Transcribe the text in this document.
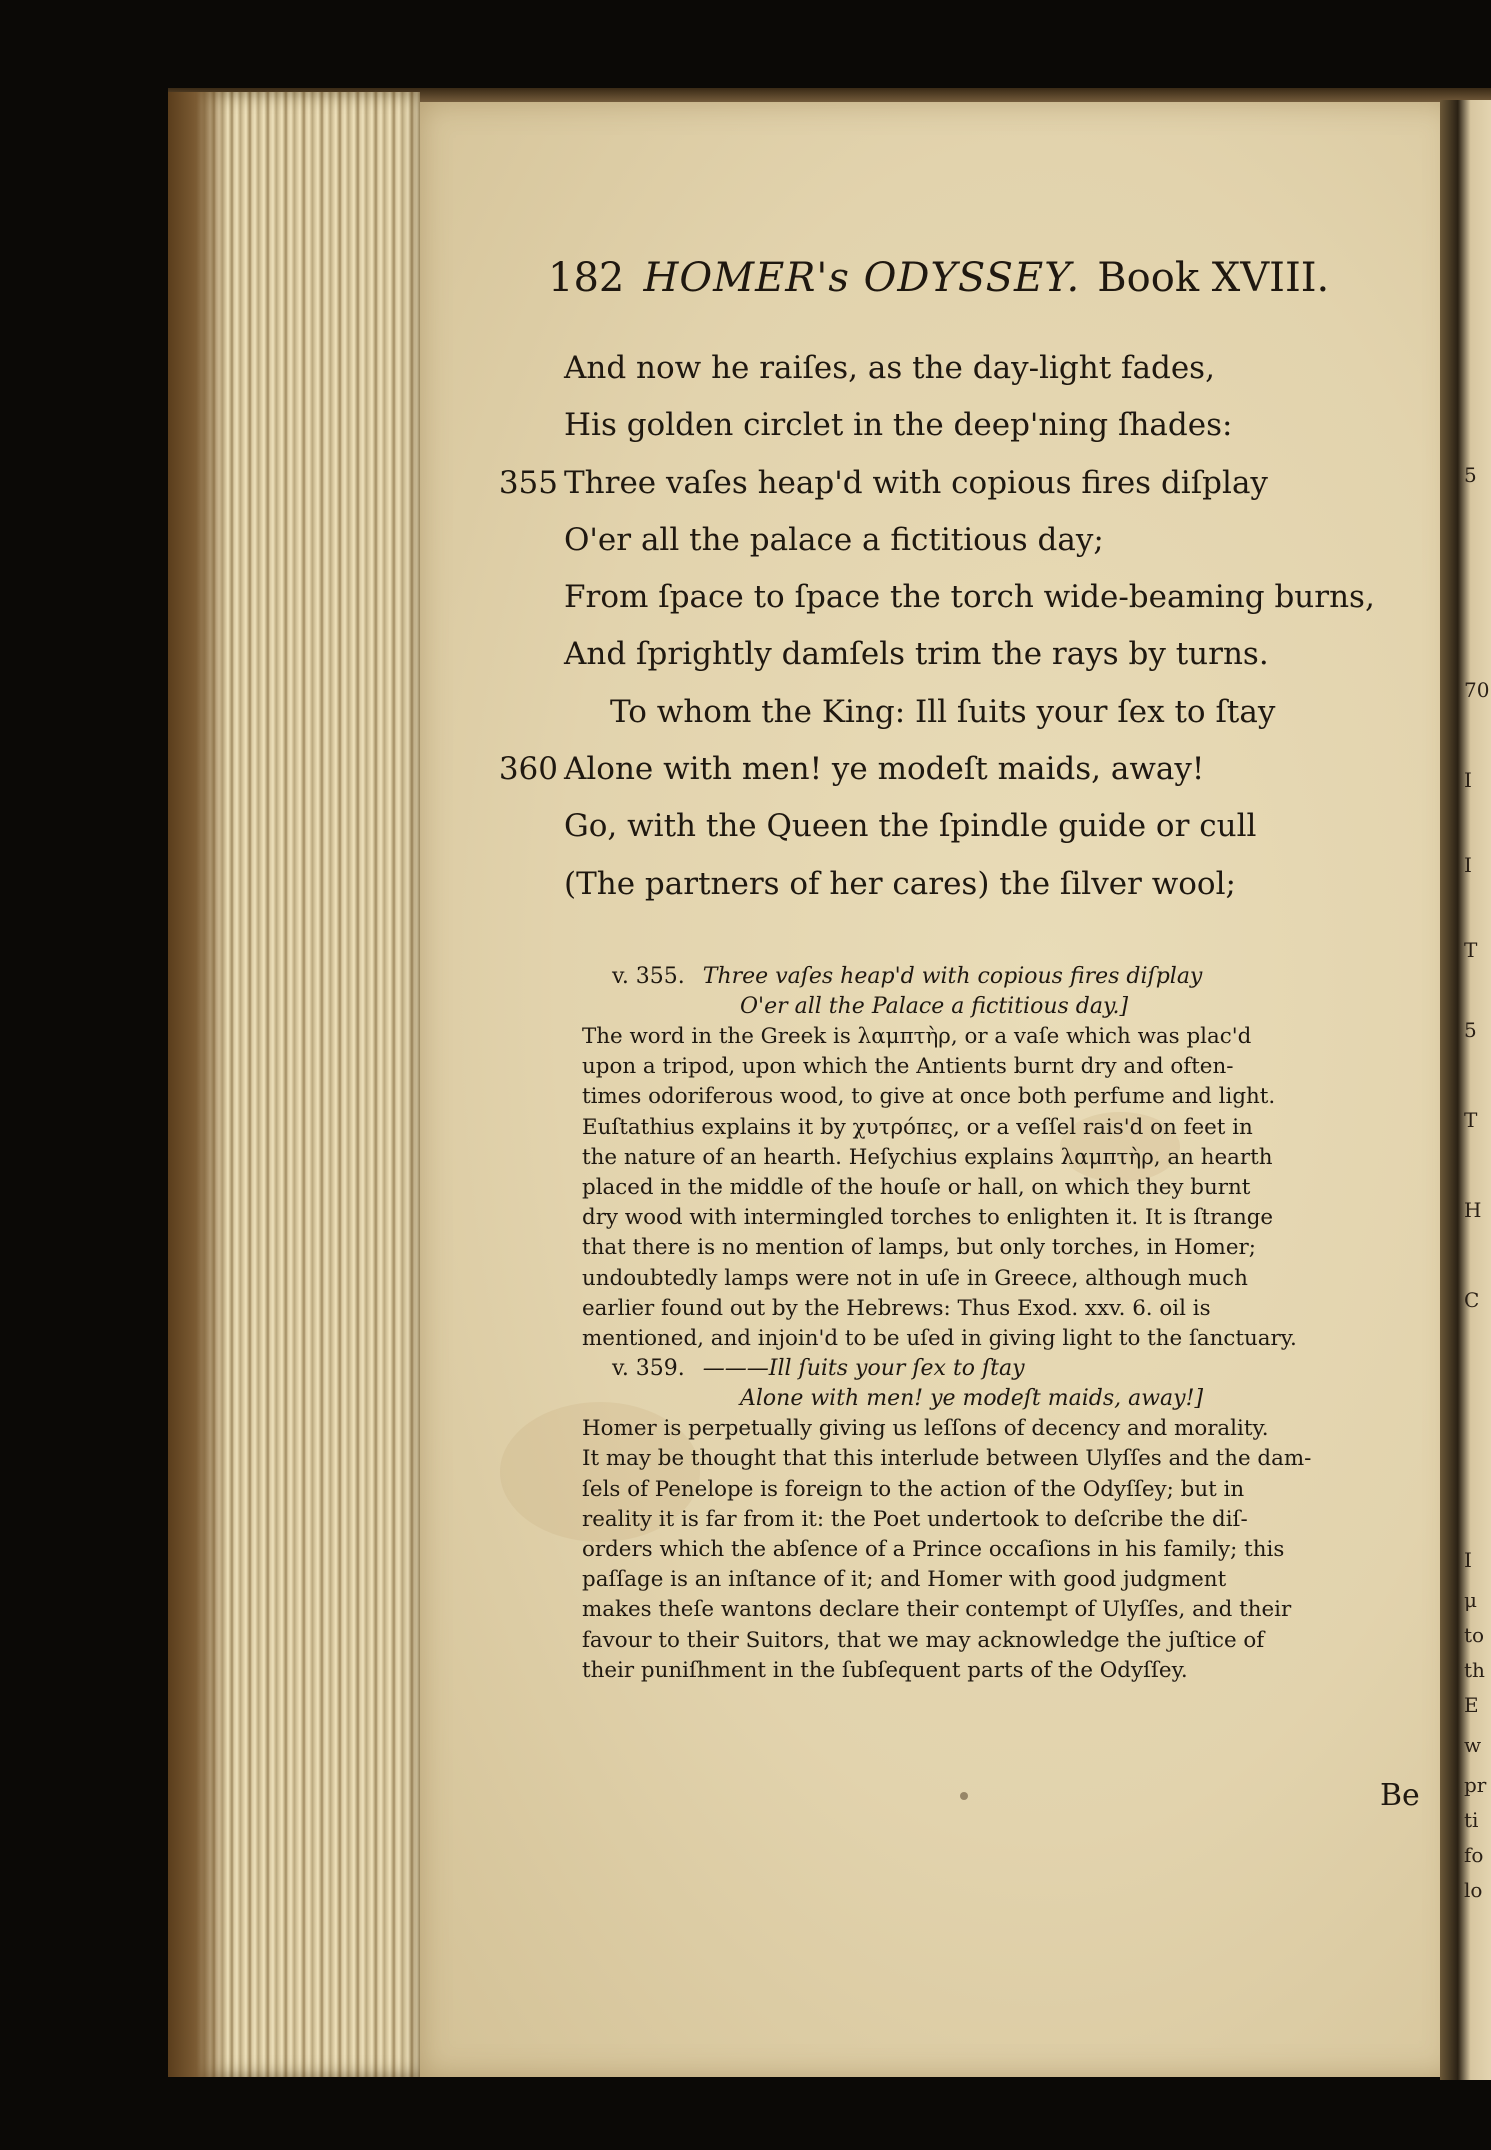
5
70
I
I
T
5
T
H
C
I
μ
to
th
E
w
pr
ti
fo
lo
182 HOMER's ODYSSEY. Book XVIII.
And now he raiſes, as the day-light fades,
His golden circlet in the deep'ning ſhades:
355 Three vaſes heap'd with copious fires diſplay
O'er all the palace a fictitious day;
From ſpace to ſpace the torch wide-beaming burns,
And ſprightly damſels trim the rays by turns.
To whom the King: Ill ſuits your ſex to ſtay
360 Alone with men! ye modeſt maids, away!
Go, with the Queen the ſpindle guide or cull
(The partners of her cares) the ſilver wool;
v. 355. Three vaſes heap'd with copious fires diſplay
O'er all the Palace a fictitious day.]

The word in the Greek is λαμπτὴρ, or a vaſe which was plac'd
upon a tripod, upon which the Antients burnt dry and often-
times odoriferous wood, to give at once both perfume and light.
Euſtathius explains it by χυτρόπες, or a veſſel rais'd on feet in
the nature of an hearth. Heſychius explains λαμπτὴρ, an hearth
placed in the middle of the houſe or hall, on which they burnt
dry wood with intermingled torches to enlighten it. It is ſtrange
that there is no mention of lamps, but only torches, in Homer;
undoubtedly lamps were not in uſe in Greece, although much
earlier found out by the Hebrews: Thus Exod. xxv. 6. oil is
mentioned, and injoin'd to be uſed in giving light to the ſanctuary.

v. 359. ———Ill ſuits your ſex to ſtay
Alone with men! ye modeſt maids, away!]

Homer is perpetually giving us leſſons of decency and morality.
It may be thought that this interlude between Ulyſſes and the dam-
ſels of Penelope is foreign to the action of the Odyſſey; but in
reality it is far from it: the Poet undertook to deſcribe the diſ-
orders which the abſence of a Prince occaſions in his family; this
paſſage is an inſtance of it; and Homer with good judgment
makes theſe wantons declare their contempt of Ulyſſes, and their
favour to their Suitors, that we may acknowledge the juſtice of
their puniſhment in the ſubſequent parts of the Odyſſey.

Be
